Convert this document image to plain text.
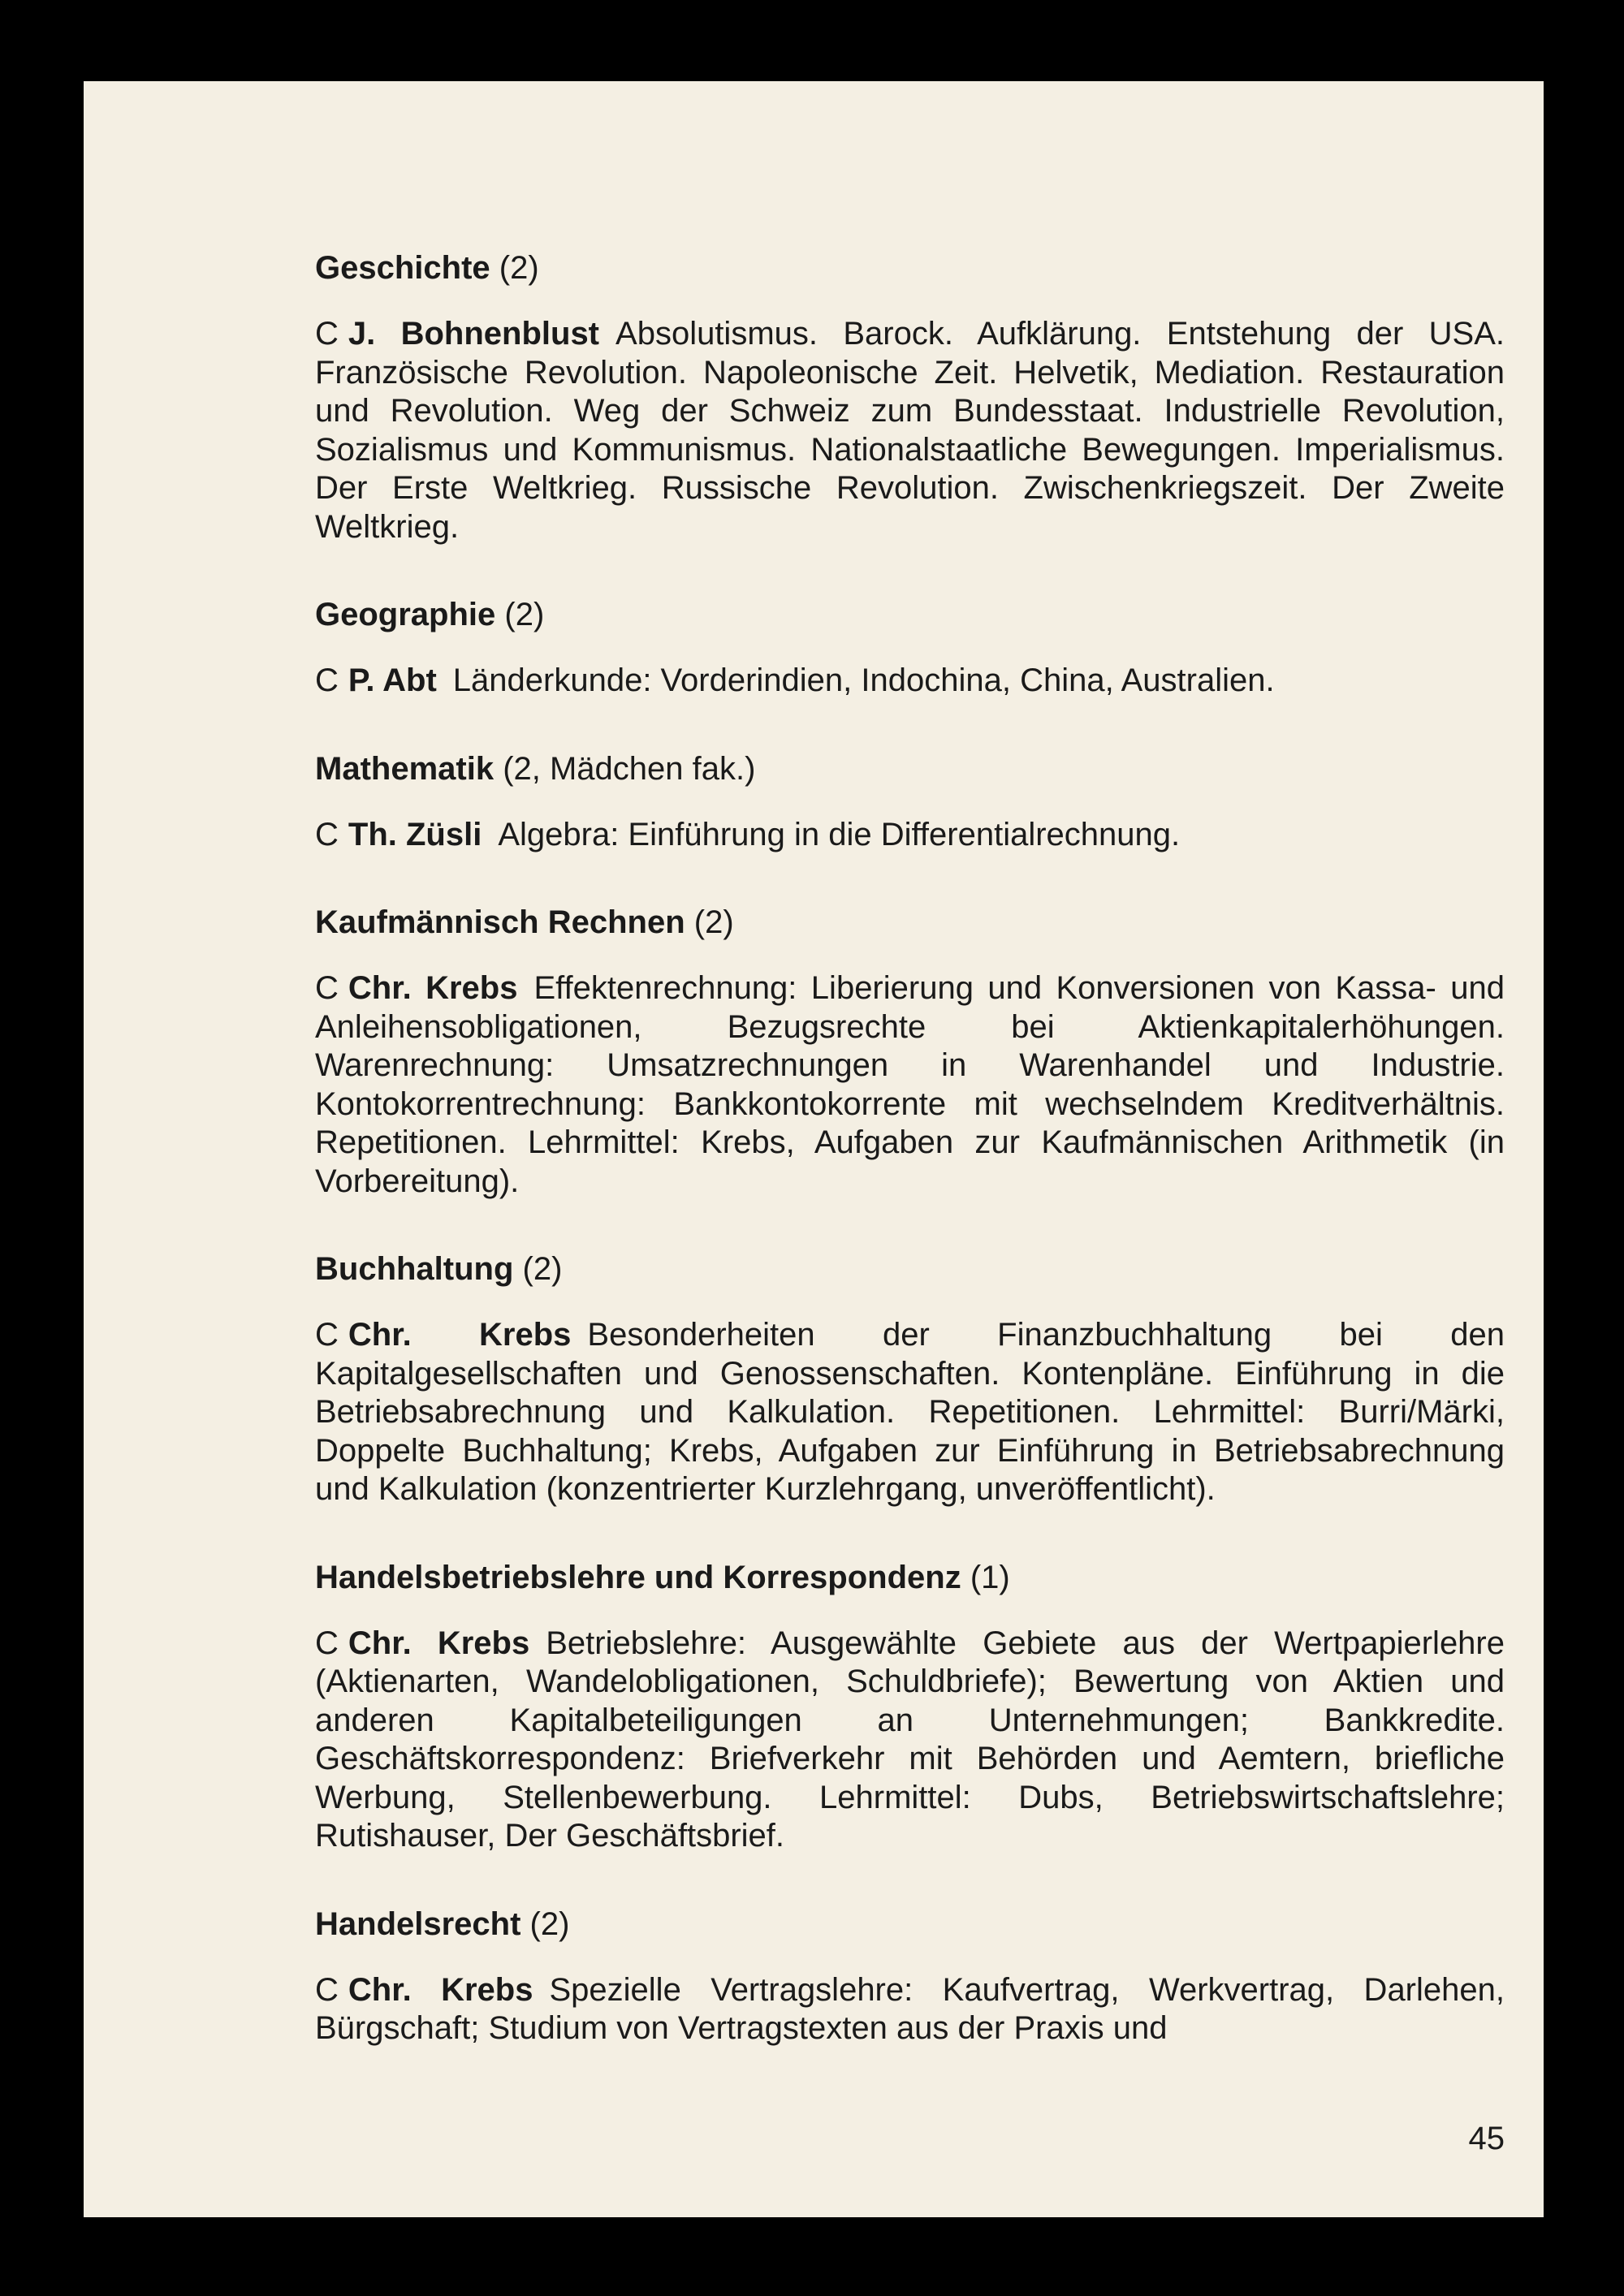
Geschichte (2)

C J. Bohnenblust Absolutismus. Barock. Aufklärung. Entstehung der USA. Französische Revolution. Napoleonische Zeit. Helvetik, Mediation. Restauration und Revolution. Weg der Schweiz zum Bundesstaat. Industrielle Revolution, Sozialismus und Kommunismus. Nationalstaatliche Bewegungen. Imperialismus. Der Erste Weltkrieg. Russische Revolution. Zwischenkriegszeit. Der Zweite Weltkrieg.

Geographie (2)

C P. Abt Länderkunde: Vorderindien, Indochina, China, Australien.

Mathematik (2, Mädchen fak.)

C Th. Züsli Algebra: Einführung in die Differentialrechnung.

Kaufmännisch Rechnen (2)

C Chr. Krebs Effektenrechnung: Liberierung und Konversionen von Kassa- und Anleihensobligationen, Bezugsrechte bei Aktienkapitalerhöhungen. Warenrechnung: Umsatzrechnungen in Warenhandel und Industrie. Kontokorrentrechnung: Bankkontokorrente mit wechselndem Kreditverhältnis. Repetitionen. Lehrmittel: Krebs, Aufgaben zur Kaufmännischen Arithmetik (in Vorbereitung).

Buchhaltung (2)

C Chr. Krebs Besonderheiten der Finanzbuchhaltung bei den Kapitalgesellschaften und Genossenschaften. Kontenpläne. Einführung in die Betriebsabrechnung und Kalkulation. Repetitionen. Lehrmittel: Burri/Märki, Doppelte Buchhaltung; Krebs, Aufgaben zur Einführung in Betriebsabrechnung und Kalkulation (konzentrierter Kurzlehrgang, unveröffentlicht).

Handelsbetriebslehre und Korrespondenz (1)

C Chr. Krebs Betriebslehre: Ausgewählte Gebiete aus der Wertpapierlehre (Aktienarten, Wandelobligationen, Schuldbriefe); Bewertung von Aktien und anderen Kapitalbeteiligungen an Unternehmungen; Bankkredite. Geschäftskorrespondenz: Briefverkehr mit Behörden und Aemtern, briefliche Werbung, Stellenbewerbung. Lehrmittel: Dubs, Betriebswirtschaftslehre; Rutishauser, Der Geschäftsbrief.

Handelsrecht (2)

C Chr. Krebs Spezielle Vertragslehre: Kaufvertrag, Werkvertrag, Darlehen, Bürgschaft; Studium von Vertragstexten aus der Praxis und

45
